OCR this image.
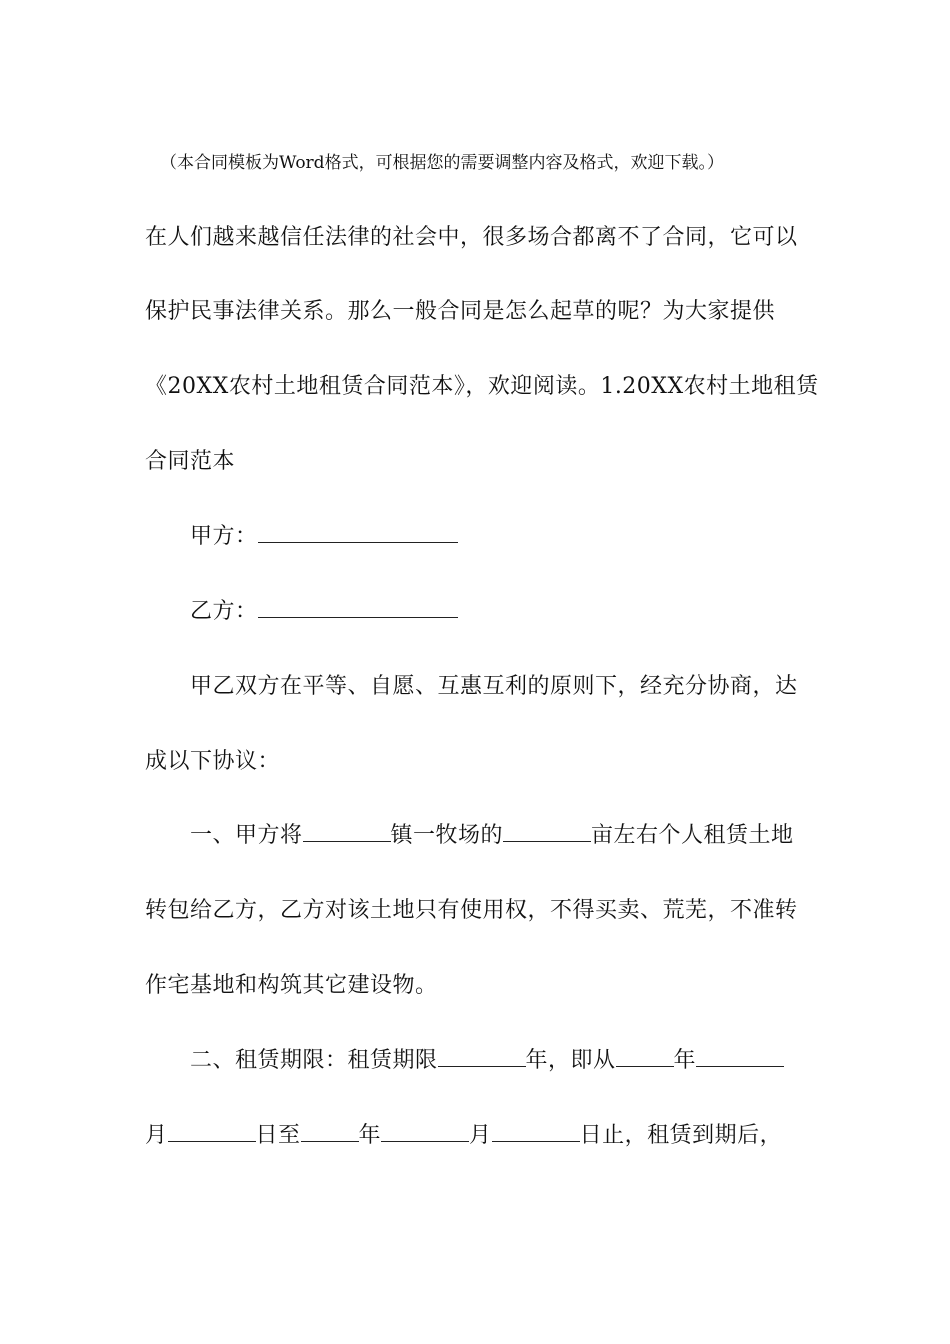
（本合同模板为Word格式，可根据您的需要调整内容及格式，欢迎下载。）
在人们越来越信任法律的社会中，很多场合都离不了合同，它可以
保护民事法律关系。那么一般合同是怎么起草的呢？为大家提供
《20XX农村土地租赁合同范本》，欢迎阅读。1.20XX农村土地租赁
合同范本
甲方：
乙方：
甲乙双方在平等、自愿、互惠互利的原则下，经充分协商，达
成以下协议：
一、甲方将	镇一牧场的	亩左右个人租赁土地
转包给乙方，乙方对该土地只有使用权，不得买卖、荒芜，不准转
作宅基地和构筑其它建设物。
二、租赁期限：租赁期限	年，即从	年
月	日至	年	月	日止，租赁到期后，
